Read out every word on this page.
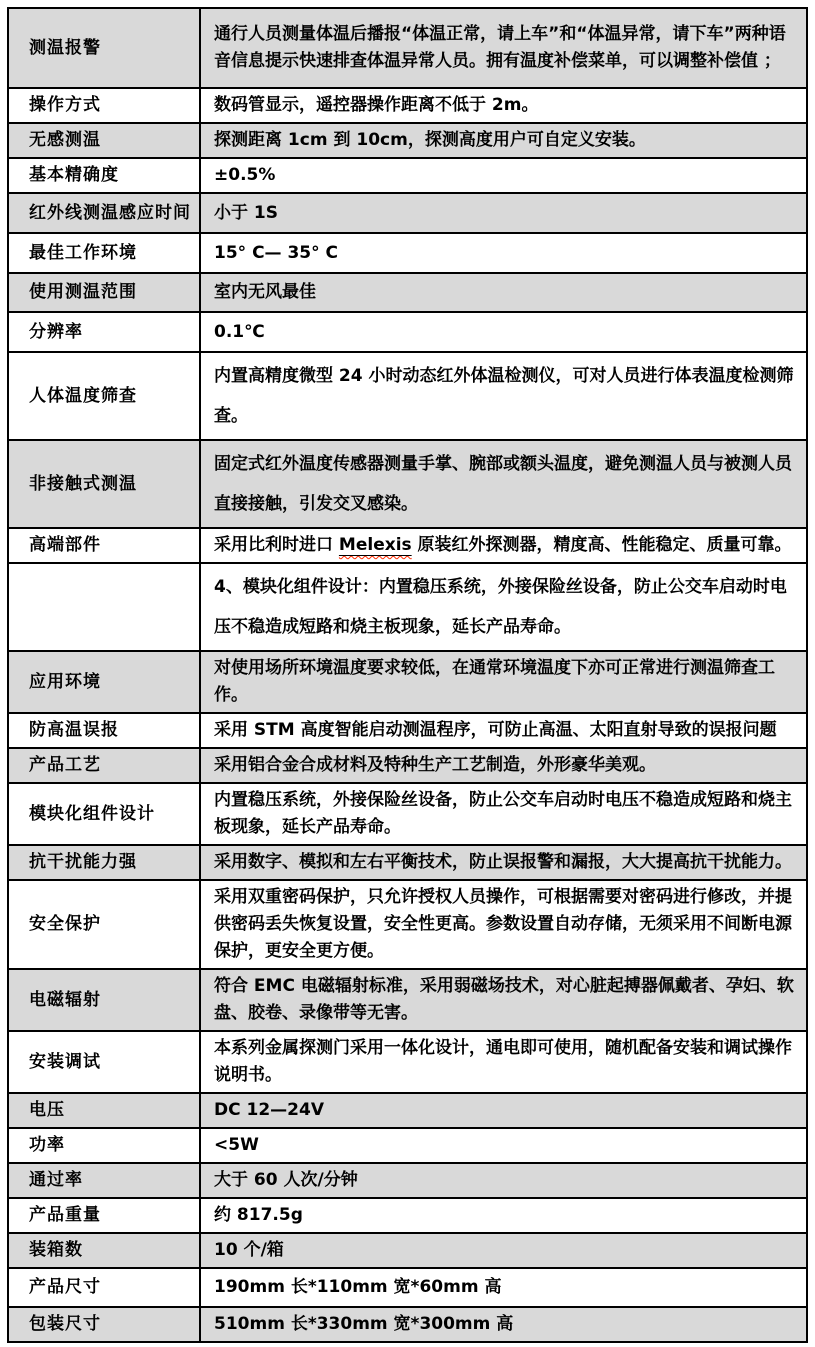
测温报警	通行人员测量体温后播报“体温正常，请上车”和“体温异常，请下车”两种语音信息提示快速排查体温异常人员。拥有温度补偿菜单，可以调整补偿值 ；
操作方式	数码管显示，遥控器操作距离不低于 2m。
无感测温	探测距离 1cm 到 10cm，探测高度用户可自定义安装。
基本精确度	±0.5%
红外线测温感应时间	小于 1S
最佳工作环境	15° C— 35° C
使用测温范围	室内无风最佳
分辨率	0.1℃
人体温度筛查	内置高精度微型 24 小时动态红外体温检测仪，可对人员进行体表温度检测筛查。
非接触式测温	固定式红外温度传感器测量手掌、腕部或额头温度，避免测温人员与被测人员直接接触，引发交叉感染。
高端部件	采用比利时进口 Melexis 原装红外探测器，精度高、性能稳定、质量可靠。
	4、模块化组件设计：内置稳压系统，外接保险丝设备，防止公交车启动时电压不稳造成短路和烧主板现象，延长产品寿命。
应用环境	对使用场所环境温度要求较低，在通常环境温度下亦可正常进行测温筛查工作。
防高温误报	采用 STM 高度智能启动测温程序，可防止高温、太阳直射导致的误报问题
产品工艺	采用铝合金合成材料及特种生产工艺制造，外形豪华美观。
模块化组件设计	内置稳压系统，外接保险丝设备，防止公交车启动时电压不稳造成短路和烧主板现象，延长产品寿命。
抗干扰能力强	采用数字、模拟和左右平衡技术，防止误报警和漏报，大大提高抗干扰能力。
安全保护	采用双重密码保护，只允许授权人员操作，可根据需要对密码进行修改，并提供密码丢失恢复设置，安全性更高。参数设置自动存储，无须采用不间断电源保护，更安全更方便。
电磁辐射	符合 EMC 电磁辐射标准，采用弱磁场技术，对心脏起搏器佩戴者、孕妇、软盘、胶卷、录像带等无害。
安装调试	本系列金属探测门采用一体化设计，通电即可使用，随机配备安装和调试操作说明书。
电压	DC 12—24V
功率	<5W
通过率	大于 60 人次/分钟
产品重量	约 817.5g
装箱数	10 个/箱
产品尺寸	190mm 长*110mm 宽*60mm 高
包装尺寸	510mm 长*330mm 宽*300mm 高
